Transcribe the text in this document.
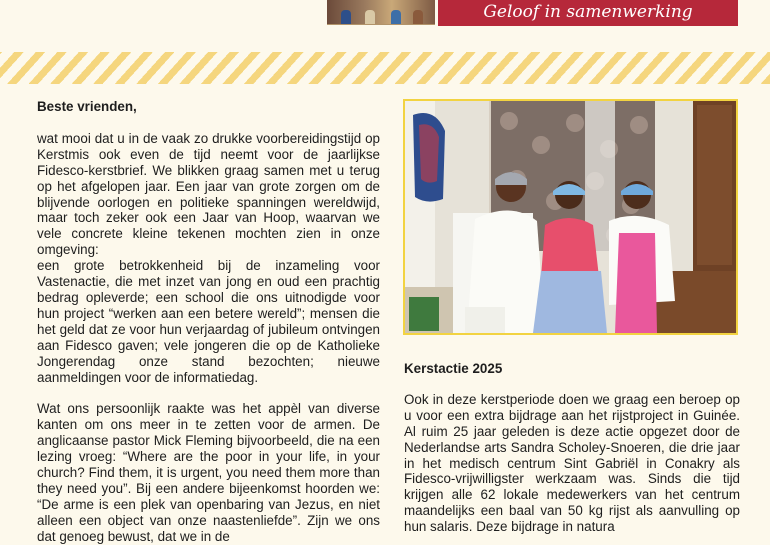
Geloof in samenwerking

Beste vrienden,

wat mooi dat u in de vaak zo drukke voorbereidingstijd op Kerstmis ook even de tijd neemt voor de jaarlijkse Fidesco-kerstbrief. We blikken graag samen met u terug op het afgelopen jaar. Een jaar van grote zorgen om de blijvende oorlogen en politieke spanningen wereldwijd, maar toch zeker ook een Jaar van Hoop, waarvan we vele concrete kleine tekenen mochten zien in onze omgeving:

een grote betrokkenheid bij de inzameling voor Vastenactie, die met inzet van jong en oud een prachtig bedrag opleverde; een school die ons uitnodigde voor hun project “werken aan een betere wereld”; mensen die het geld dat ze voor hun verjaardag of jubileum ontvingen aan Fidesco gaven; vele jongeren die op de Katholieke Jongerendag onze stand bezochten; nieuwe aanmeldingen voor de informatiedag.

Wat ons persoonlijk raakte was het appèl van diverse kanten om ons meer in te zetten voor de armen. De anglicaanse pastor Mick Fleming bijvoorbeeld, die na een lezing vroeg: “Where are the poor in your life, in your church? Find them, it is urgent, you need them more than they need you”. Bij een andere bijeenkomst hoorden we: “De arme is een plek van openbaring van Jezus, en niet alleen een object van onze naastenliefde”. Zijn we ons dat genoeg bewust, dat we in de

Kerstactie 2025

Ook in deze kerstperiode doen we graag een beroep op u voor een extra bijdrage aan het rijstproject in Guinée. Al ruim 25 jaar geleden is deze actie opgezet door de Nederlandse arts Sandra Scholey-Snoeren, die drie jaar in het medisch centrum Sint Gabriël in Conakry als Fidesco-vrijwilligster werkzaam was. Sinds die tijd krijgen alle 62 lokale medewerkers van het centrum maandelijks een baal van 50 kg rijst als aanvulling op hun salaris. Deze bijdrage in natura
